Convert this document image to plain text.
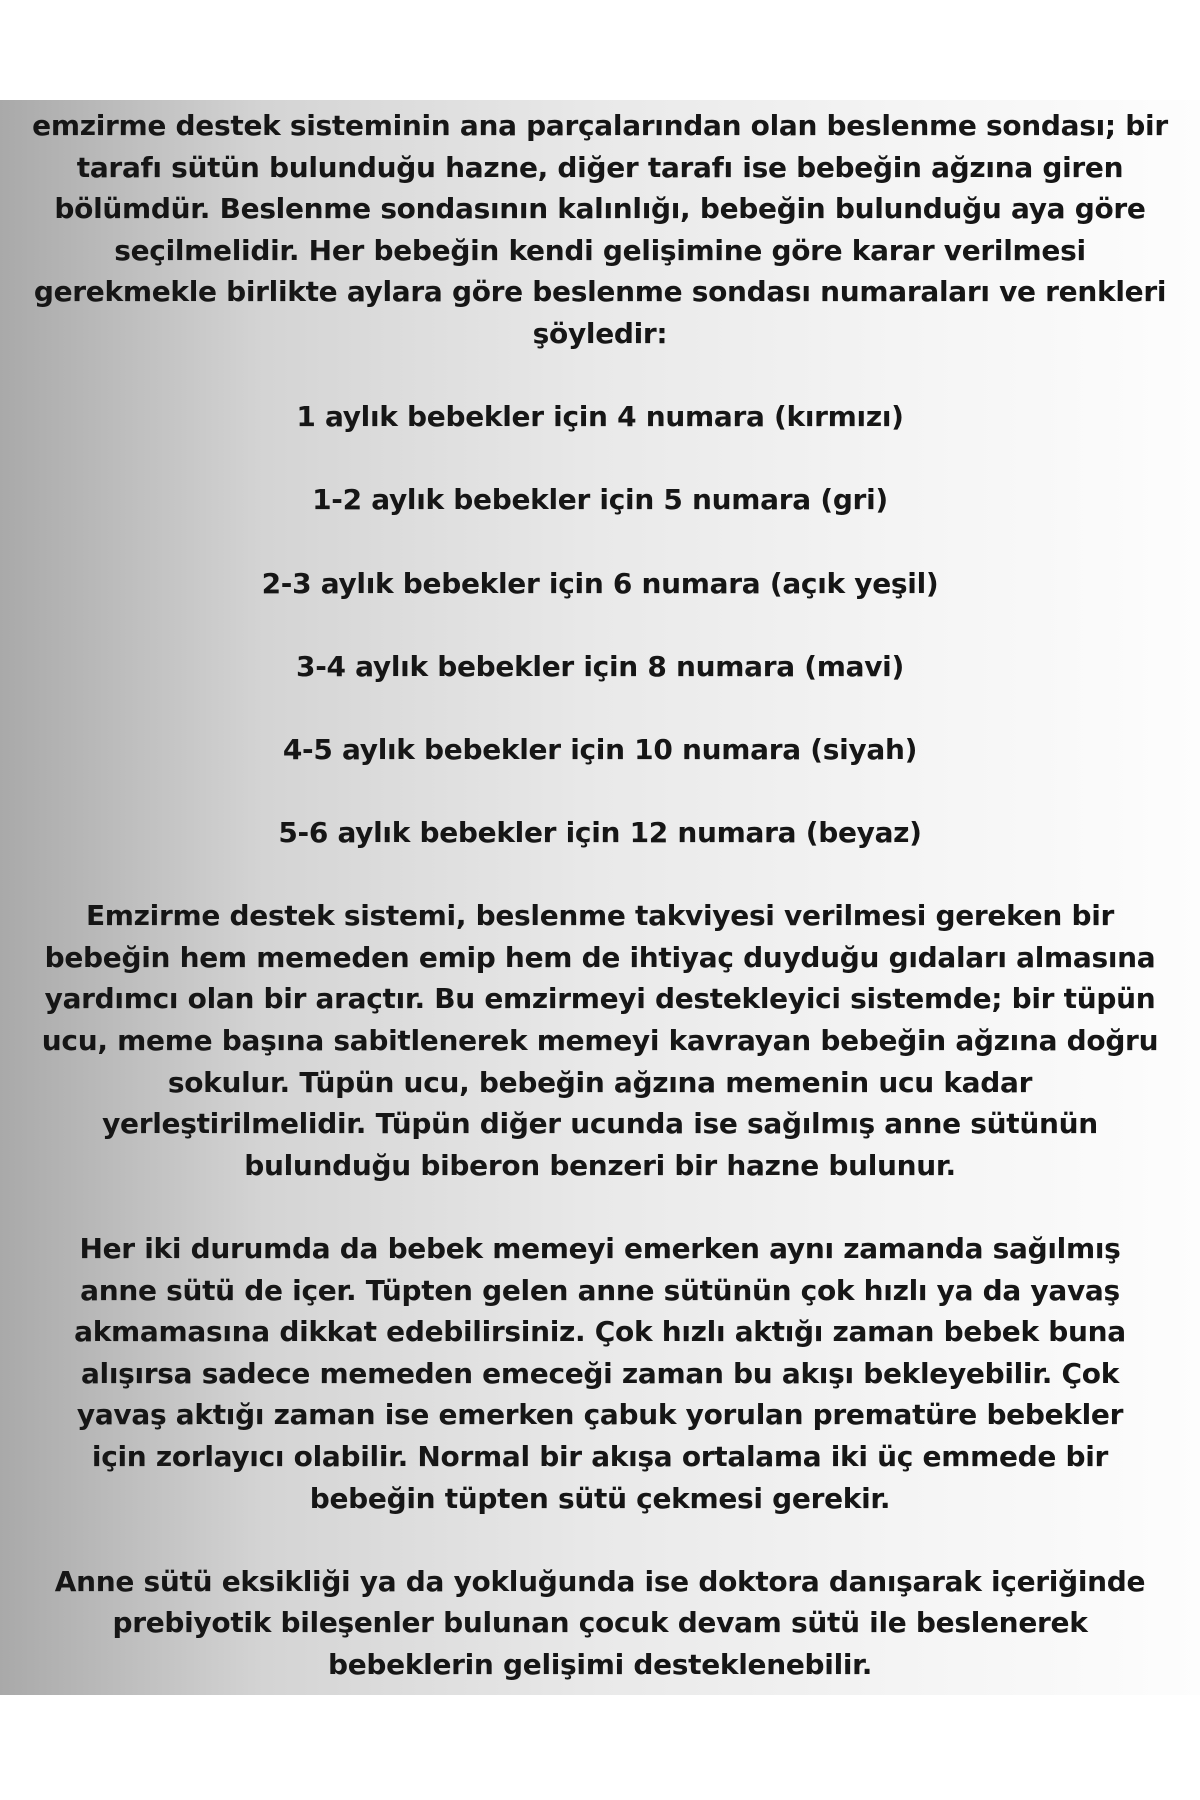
emzirme destek sisteminin ana parçalarından olan beslenme sondası; bir tarafı sütün bulunduğu hazne, diğer tarafı ise bebeğin ağzına giren bölümdür. Beslenme sondasının kalınlığı, bebeğin bulunduğu aya göre seçilmelidir. Her bebeğin kendi gelişimine göre karar verilmesi gerekmekle birlikte aylara göre beslenme sondası numaraları ve renkleri şöyledir:

1 aylık bebekler için 4 numara (kırmızı)
1-2 aylık bebekler için 5 numara (gri)
2-3 aylık bebekler için 6 numara (açık yeşil)
3-4 aylık bebekler için 8 numara (mavi)
4-5 aylık bebekler için 10 numara (siyah)
5-6 aylık bebekler için 12 numara (beyaz)

Emzirme destek sistemi, beslenme takviyesi verilmesi gereken bir bebeğin hem memeden emip hem de ihtiyaç duyduğu gıdaları almasına yardımcı olan bir araçtır. Bu emzirmeyi destekleyici sistemde; bir tüpün ucu, meme başına sabitlenerek memeyi kavrayan bebeğin ağzına doğru sokulur. Tüpün ucu, bebeğin ağzına memenin ucu kadar yerleştirilmelidir. Tüpün diğer ucunda ise sağılmış anne sütünün bulunduğu biberon benzeri bir hazne bulunur.

Her iki durumda da bebek memeyi emerken aynı zamanda sağılmış anne sütü de içer. Tüpten gelen anne sütünün çok hızlı ya da yavaş akmamasına dikkat edebilirsiniz. Çok hızlı aktığı zaman bebek buna alışırsa sadece memeden emeceği zaman bu akışı bekleyebilir. Çok yavaş aktığı zaman ise emerken çabuk yorulan prematüre bebekler için zorlayıcı olabilir. Normal bir akışa ortalama iki üç emmede bir bebeğin tüpten sütü çekmesi gerekir.

Anne sütü eksikliği ya da yokluğunda ise doktora danışarak içeriğinde prebiyotik bileşenler bulunan çocuk devam sütü ile beslenerek bebeklerin gelişimi desteklenebilir.
